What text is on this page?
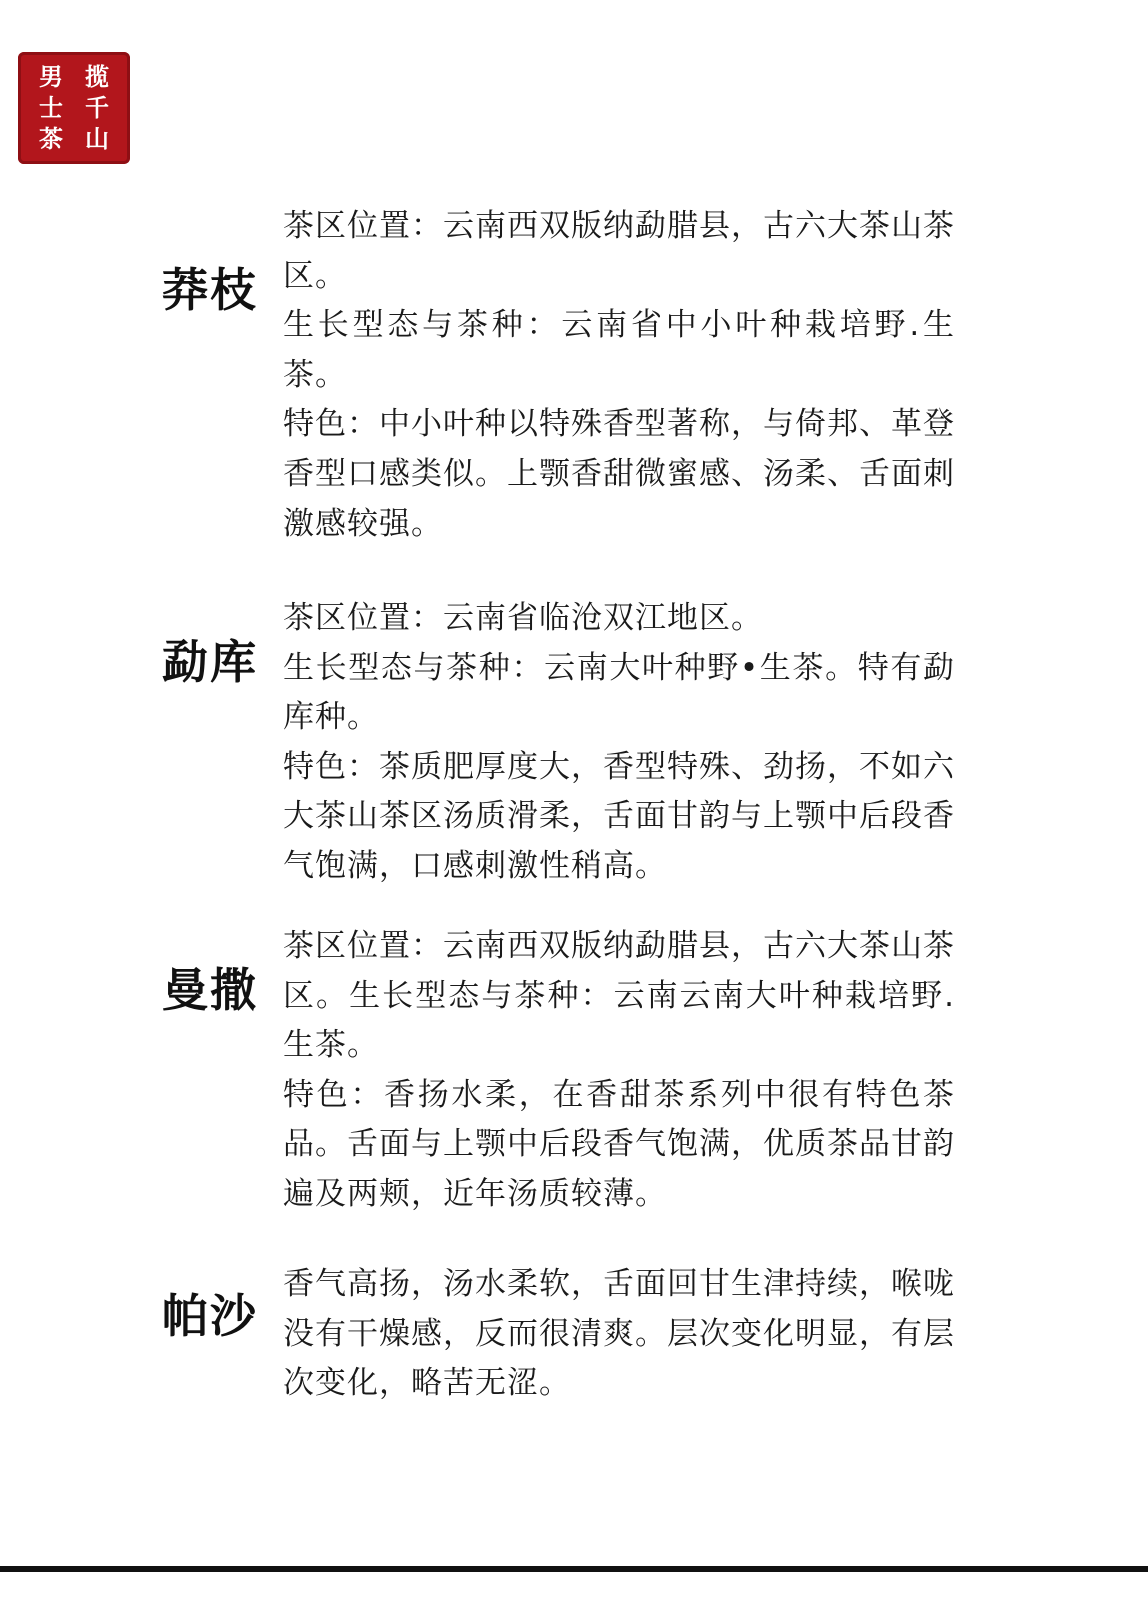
揽
千
山
男
士
茶
莽枝

茶区位置：云南西双版纳勐腊县，古六大茶山茶区。

生长型态与茶种：云南省中小叶种栽培野.生茶。

特色：中小叶种以特殊香型著称，与倚邦、革登香型口感类似。上颚香甜微蜜感、汤柔、舌面刺激感较强。

勐库

茶区位置：云南省临沧双江地区。

生长型态与茶种：云南大叶种野•生茶。特有勐库种。

特色：茶质肥厚度大，香型特殊、劲扬，不如六大茶山茶区汤质滑柔，舌面甘韵与上颚中后段香气饱满，口感刺激性稍高。

曼撒

茶区位置：云南西双版纳勐腊县，古六大茶山茶区。生长型态与茶种：云南云南大叶种栽培野.生茶。

特色：香扬水柔，在香甜茶系列中很有特色茶品。舌面与上颚中后段香气饱满，优质茶品甘韵遍及两颊，近年汤质较薄。

帕沙

香气高扬，汤水柔软，舌面回甘生津持续，喉咙没有干燥感，反而很清爽。层次变化明显，有层次变化，略苦无涩。
